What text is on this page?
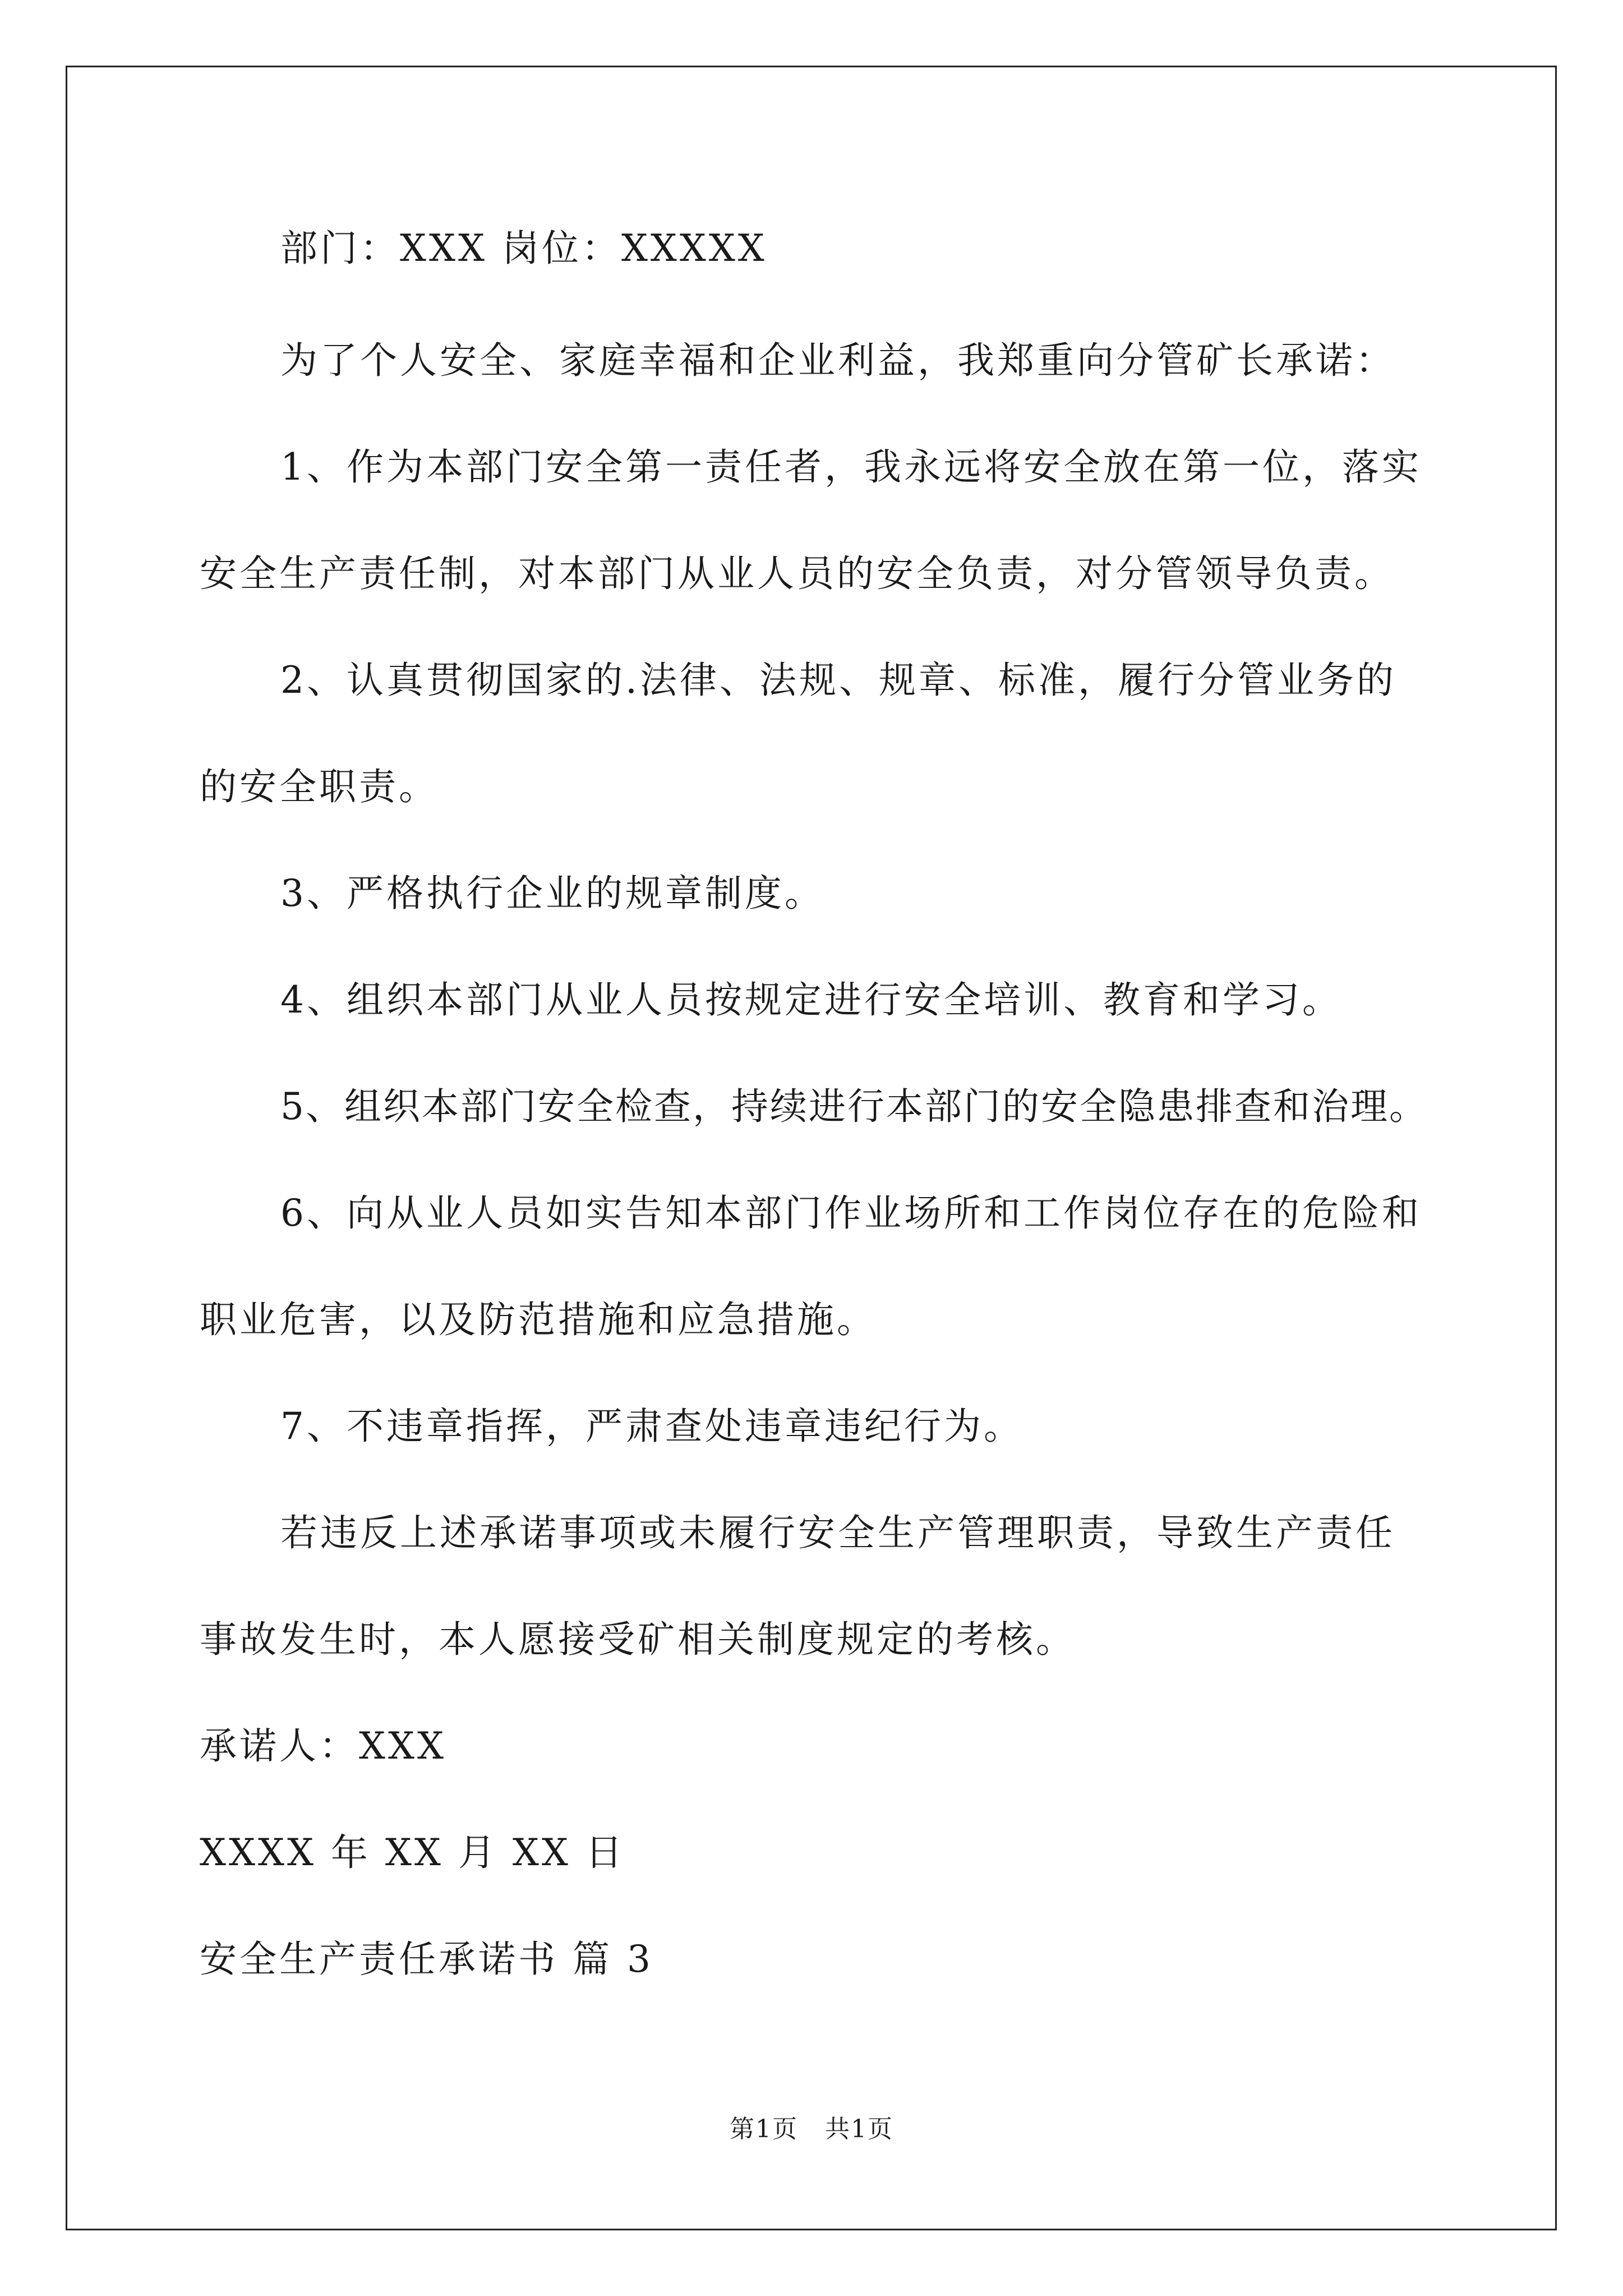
部门：XXX 岗位：XXXXX

为了个人安全、家庭幸福和企业利益，我郑重向分管矿长承诺：

1、作为本部门安全第一责任者，我永远将安全放在第一位，落实

安全生产责任制，对本部门从业人员的安全负责，对分管领导负责。

2、认真贯彻国家的.法律、法规、规章、标准，履行分管业务的

的安全职责。

3、严格执行企业的规章制度。

4、组织本部门从业人员按规定进行安全培训、教育和学习。

5、组织本部门安全检查，持续进行本部门的安全隐患排查和治理。

6、向从业人员如实告知本部门作业场所和工作岗位存在的危险和

职业危害，以及防范措施和应急措施。

7、不违章指挥，严肃查处违章违纪行为。

若违反上述承诺事项或未履行安全生产管理职责，导致生产责任

事故发生时，本人愿接受矿相关制度规定的考核。

承诺人：XXX

XXXX 年 XX 月 XX 日

安全生产责任承诺书 篇 3

第1页   共1页
